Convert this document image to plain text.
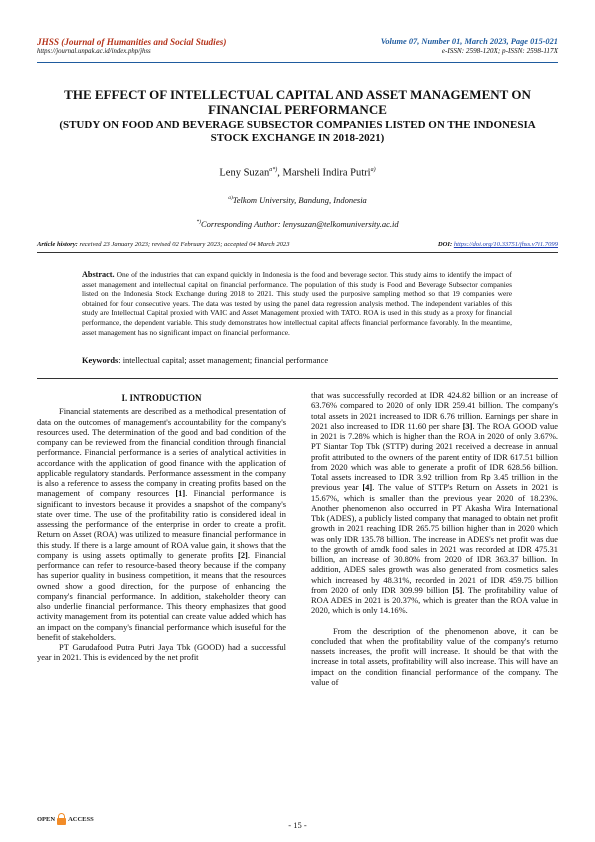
JHSS (Journal of Humanities and Social Studies)
https://journal.unpak.ac.id/index.php/jhss
Volume 07, Number 01, March 2023, Page 015-021
e-ISSN: 2598-120X; p-ISSN: 2598-117X
THE EFFECT OF INTELLECTUAL CAPITAL AND ASSET MANAGEMENT ON FINANCIAL PERFORMANCE
(STUDY ON FOOD AND BEVERAGE SUBSECTOR COMPANIES LISTED ON THE INDONESIA STOCK EXCHANGE IN 2018-2021)
Leny Suzan$^{a*)}$, Marsheli Indira Putri$^{a)}$
$^{a)}$Telkom University, Bandung, Indonesia
*)Corresponding Author: lenysuzan@telkomuniversity.ac.id
Article history: received 23 January 2023; revised 02 February 2023; accepted 04 March 2023	DOI: https://doi.org/10.33751/jhss.v7i1.7099
Abstract. One of the industries that can expand quickly in Indonesia is the food and beverage sector. This study aims to identify the impact of asset management and intellectual capital on financial performance. The population of this study is Food and Beverage Subsector companies listed on the Indonesia Stock Exchange during 2018 to 2021. This study used the purposive sampling method so that 19 companies were obtained for four consecutive years. The data was tested by using the panel data regression analysis method. The independent variables of this study are Intellectual Capital proxied with VAIC and Asset Management proxied with TATO. ROA is used in this study as a proxy for financial performance, the dependent variable. This study demonstrates how intellectual capital affects financial performance favorably. In the meantime, asset management has no significant impact on financial performance.
Keywords: intellectual capital; asset management; financial performance

I. INTRODUCTION

Financial statements are described as a methodical presentation of data on the outcomes of management's accountability for the company's resources used. The determination of the good and bad condition of the company can be reviewed from the financial condition through financial performance. Financial performance is a series of analytical activities in accordance with the application of good finance with the application of applicable regulatory standards. Performance assessment in the company is also a reference to assess the company in creating profits based on the management of company resources [1]. Financial performance is significant to investors because it provides a snapshot of the company's state over time. The use of the profitability ratio is considered ideal in assessing the performance of the enterprise in order to create a profit. Return on Asset (ROA) was utilized to measure financial performance in this study. If there is a large amount of ROA value gain, it shows that the company is using assets optimally to generate profits [2]. Financial performance can refer to resource-based theory because if the company has superior quality in business competition, it means that the resources owned show a good direction, for the purpose of enhancing the company's financial performance. In addition, stakeholder theory can also underlie financial performance. This theory emphasizes that good activity management from its potential can create value added which has an impact on the company's financial performance which isuseful for the benefit of stakeholders.

PT Garudafood Putra Putri Jaya Tbk (GOOD) had a successful year in 2021. This is evidenced by the net profit

that was successfully recorded at IDR 424.82 billion or an increase of 63.76% compared to 2020 of only IDR 259.41 billion. The company's total assets in 2021 increased to IDR 6.76 trillion. Earnings per share in 2021 also increased to IDR 11.60 per share [3]. The ROA GOOD value in 2021 is 7.28% which is higher than the ROA in 2020 of only 3.67%. PT Siantar Top Tbk (STTP) during 2021 received a decrease in annual profit attributed to the owners of the parent entity of IDR 617.51 billion from 2020 which was able to generate a profit of IDR 628.56 billion. Total assets increased to IDR 3.92 trillion from Rp 3.45 trillion in the previous year [4]. The value of STTP's Return on Assets in 2021 is 15.67%, which is smaller than the previous year 2020 of 18.23%. Another phenomenon also occurred in PT Akasha Wira International Tbk (ADES), a publicly listed company that managed to obtain net profit growth in 2021 reaching IDR 265.75 billion higher than in 2020 which was only IDR 135.78 billion. The increase in ADES's net profit was due to the growth of amdk food sales in 2021 was recorded at IDR 475.31 billion, an increase of 30.80% from 2020 of IDR 363.37 billion. In addition, ADES sales growth was also generated from cosmetics sales which increased by 48.31%, recorded in 2021 of IDR 459.75 billion from 2020 of only IDR 309.99 billion [5]. The profitability value of ROA ADES in 2021 is 20.37%, which is greater than the ROA value in 2020, which is only 14.16%.

From the description of the phenomenon above, it can be concluded that when the profitability value of the company's returno nassets increases, the profit will increase. It should be that with the increase in total assets, profitability will also increase. This will have an impact on the condition financial performance of the company. The value of

OPEN ACCESS
- 15 -
